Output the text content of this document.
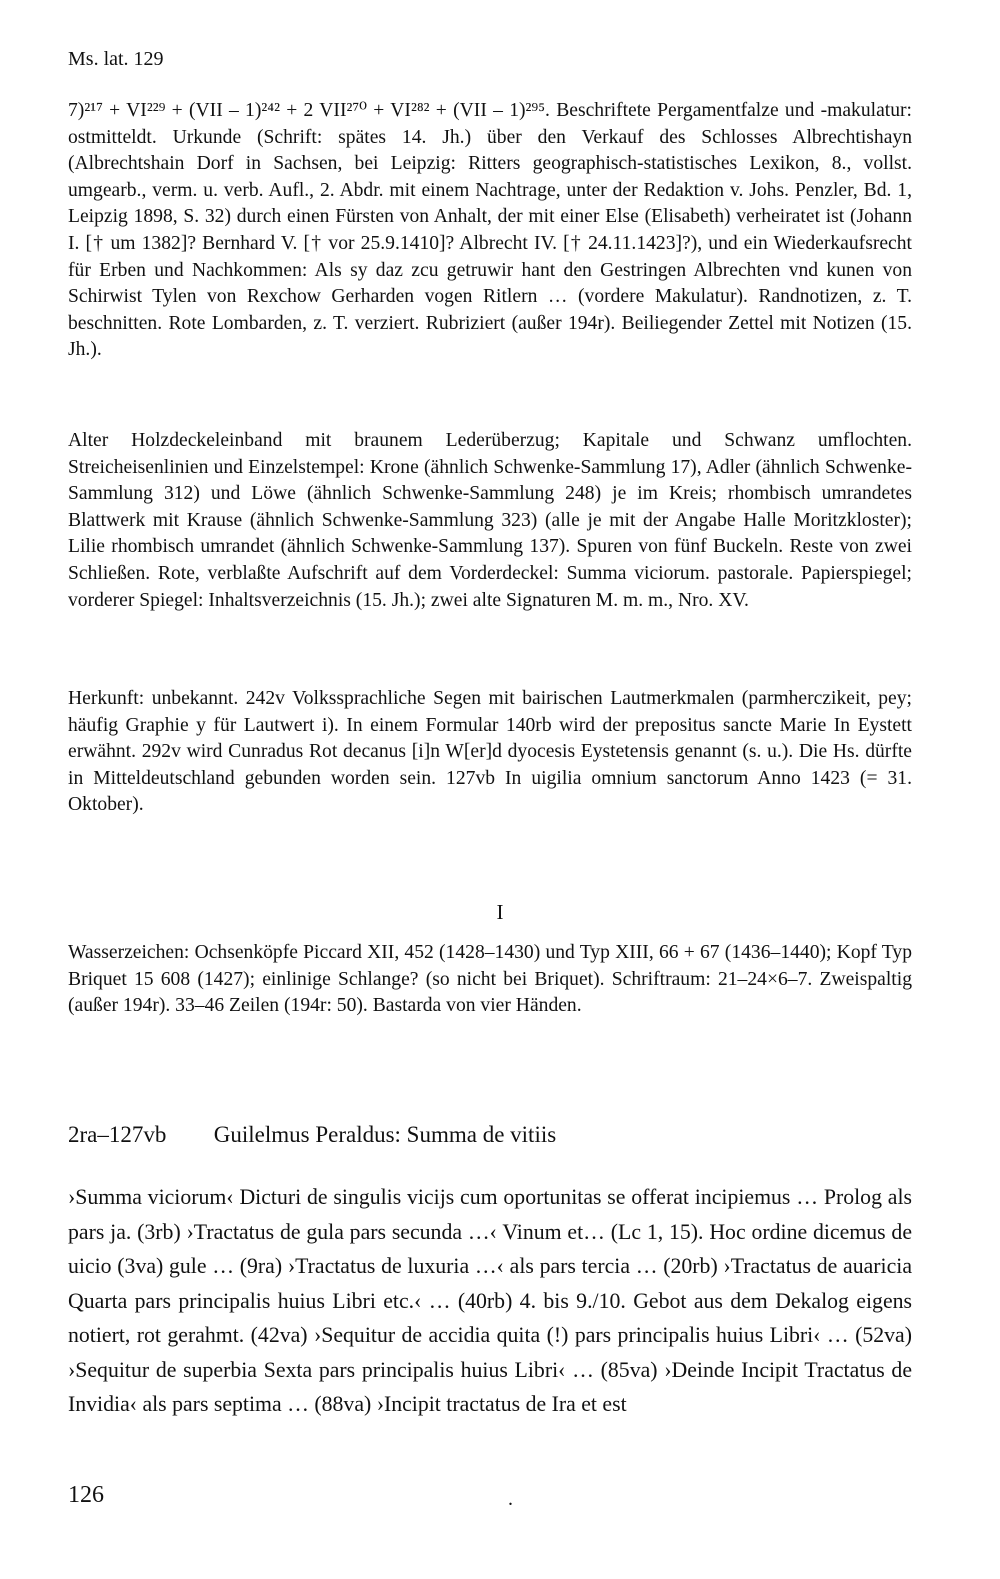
Ms. lat. 129

7)²¹⁷ + VI²²⁹ + (VII – 1)²⁴² + 2 VII²⁷⁰ + VI²⁸² + (VII – 1)²⁹⁵. Beschriftete Pergamentfalze und -makulatur: ostmitteldt. Urkunde (Schrift: spätes 14. Jh.) über den Verkauf des Schlosses Albrechtishayn (Albrechtshain Dorf in Sachsen, bei Leipzig: Ritters geographisch-statistisches Lexikon, 8., vollst. umgearb., verm. u. verb. Aufl., 2. Abdr. mit einem Nachtrage, unter der Redaktion v. Johs. Penzler, Bd. 1, Leipzig 1898, S. 32) durch einen Fürsten von Anhalt, der mit einer Else (Elisabeth) verheiratet ist (Johann I. [† um 1382]? Bernhard V. [† vor 25.9.1410]? Albrecht IV. [† 24.11.1423]?), und ein Wiederkaufsrecht für Erben und Nachkommen: Als sy daz zcu getruwir hant den Gestringen Albrechten vnd kunen von Schirwist Tylen von Rexchow Gerharden vogen Ritlern … (vordere Makulatur). Randnotizen, z. T. beschnitten. Rote Lombarden, z. T. verziert. Rubriziert (außer 194r). Beiliegender Zettel mit Notizen (15. Jh.).

Alter Holzdeckeleinband mit braunem Lederüberzug; Kapitale und Schwanz umflochten. Streicheisenlinien und Einzelstempel: Krone (ähnlich Schwenke-Sammlung 17), Adler (ähnlich Schwenke-Sammlung 312) und Löwe (ähnlich Schwenke-Sammlung 248) je im Kreis; rhombisch umrandetes Blattwerk mit Krause (ähnlich Schwenke-Sammlung 323) (alle je mit der Angabe Halle Moritzkloster); Lilie rhombisch umrandet (ähnlich Schwenke-Sammlung 137). Spuren von fünf Buckeln. Reste von zwei Schließen. Rote, verblaßte Aufschrift auf dem Vorderdeckel: Summa viciorum. pastorale. Papierspiegel; vorderer Spiegel: Inhaltsverzeichnis (15. Jh.); zwei alte Signaturen M. m. m., Nro. XV.

Herkunft: unbekannt. 242v Volkssprachliche Segen mit bairischen Lautmerkmalen (parmherczikeit, pey; häufig Graphie y für Lautwert i). In einem Formular 140rb wird der prepositus sancte Marie In Eystett erwähnt. 292v wird Cunradus Rot decanus [i]n W[er]d dyocesis Eystetensis genannt (s. u.). Die Hs. dürfte in Mitteldeutschland gebunden worden sein. 127vb In uigilia omnium sanctorum Anno 1423 (= 31. Oktober).

I

Wasserzeichen: Ochsenköpfe Piccard XII, 452 (1428–1430) und Typ XIII, 66 + 67 (1436–1440); Kopf Typ Briquet 15 608 (1427); einlinige Schlange? (so nicht bei Briquet). Schriftraum: 21–24×6–7. Zweispaltig (außer 194r). 33–46 Zeilen (194r: 50). Bastarda von vier Händen.

2ra–127vb Guilelmus Peraldus: Summa de vitiis

›Summa viciorum‹ Dicturi de singulis vicijs cum oportunitas se offerat incipiemus … Prolog als pars ja. (3rb) ›Tractatus de gula pars secunda …‹ Vinum et… (Lc 1, 15). Hoc ordine dicemus de uicio (3va) gule … (9ra) ›Tractatus de luxuria …‹ als pars tercia … (20rb) ›Tractatus de auaricia Quarta pars principalis huius Libri etc.‹ … (40rb) 4. bis 9./10. Gebot aus dem Dekalog eigens notiert, rot gerahmt. (42va) ›Sequitur de accidia quita (!) pars principalis huius Libri‹ … (52va) ›Sequitur de superbia Sexta pars principalis huius Libri‹ … (85va) ›Deinde Incipit Tractatus de Invidia‹ als pars septima … (88va) ›Incipit tractatus de Ira et est

126	.
